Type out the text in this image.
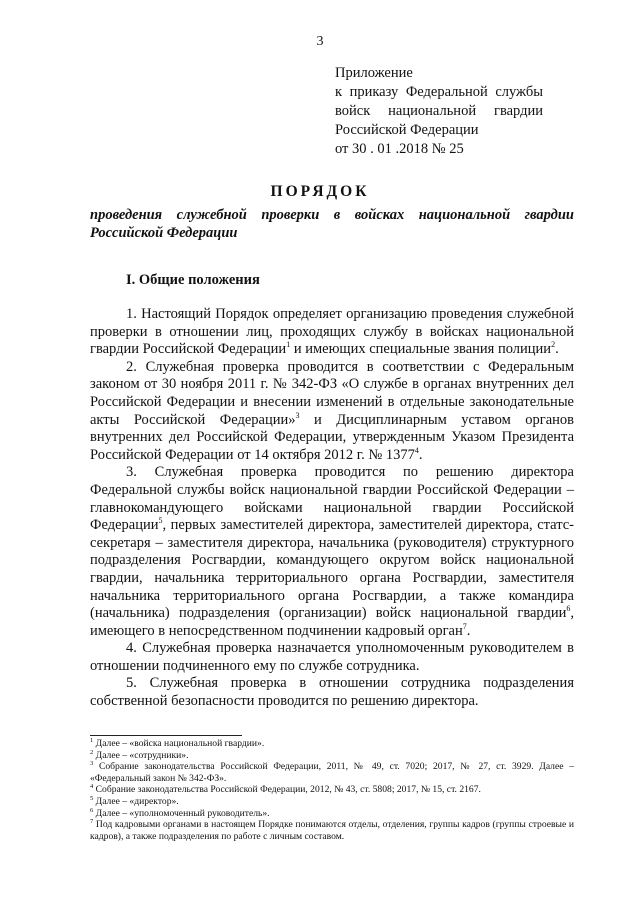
3
Приложение
к приказу Федеральной службы
войск национальной гвардии
Российской Федерации
от 30 . 01 .2018 № 25
ПОРЯДОК
проведения служебной проверки в войсках национальной гвардии Российской Федерации
I. Общие положения

1. Настоящий Порядок определяет организацию проведения служебной проверки в отношении лиц, проходящих службу в войсках национальной гвардии Российской Федерации$^1$ и имеющих специальные звания полиции$^2$.

2. Служебная проверка проводится в соответствии с Федеральным законом от 30 ноября 2011 г. № 342-ФЗ «О службе в органах внутренних дел Российской Федерации и внесении изменений в отдельные законодательные акты Российской Федерации»$^3$ и Дисциплинарным уставом органов внутренних дел Российской Федерации, утвержденным Указом Президента Российской Федерации от 14 октября 2012 г. № 1377$^4$.

3. Служебная проверка проводится по решению директора Федеральной службы войск национальной гвардии Российской Федерации – главнокомандующего войсками национальной гвардии Российской Федерации$^5$, первых заместителей директора, заместителей директора, статс-секретаря – заместителя директора, начальника (руководителя) структурного подразделения Росгвардии, командующего округом войск национальной гвардии, начальника территориального органа Росгвардии, заместителя начальника территориального органа Росгвардии, а также командира (начальника) подразделения (организации) войск национальной гвардии$^6$, имеющего в непосредственном подчинении кадровый орган$^7$.

4. Служебная проверка назначается уполномоченным руководителем в отношении подчиненного ему по службе сотрудника.

5. Служебная проверка в отношении сотрудника подразделения собственной безопасности проводится по решению директора.

$^1$ Далее – «войска национальной гвардии».

$^2$ Далее – «сотрудники».

$^3$ Собрание законодательства Российской Федерации, 2011, № 49, ст. 7020; 2017, № 27, ст. 3929. Далее – «Федеральный закон № 342-ФЗ».

$^4$ Собрание законодательства Российской Федерации, 2012, № 43, ст. 5808; 2017, № 15, ст. 2167.

$^5$ Далее – «директор».

$^6$ Далее – «уполномоченный руководитель».

$^7$ Под кадровыми органами в настоящем Порядке понимаются отделы, отделения, группы кадров (группы строевые и кадров), а также подразделения по работе с личным составом.
